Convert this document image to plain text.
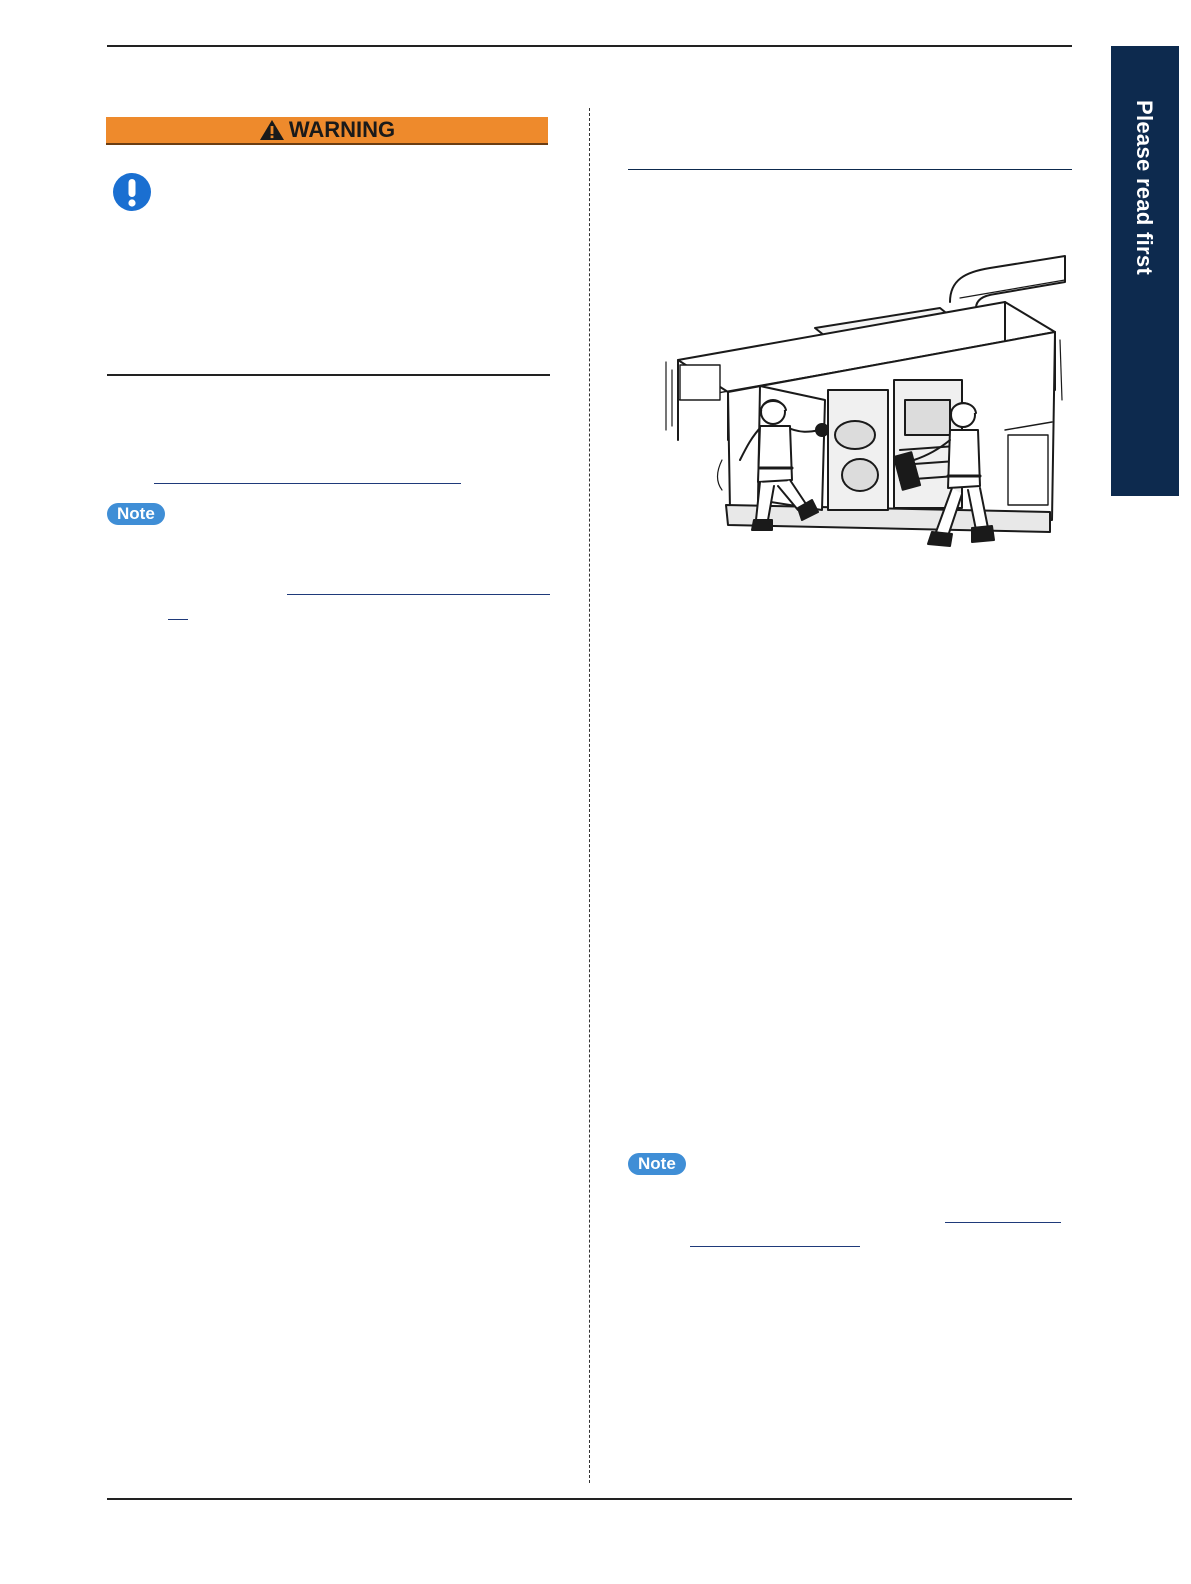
Please read first
WARNING
Note
Note
